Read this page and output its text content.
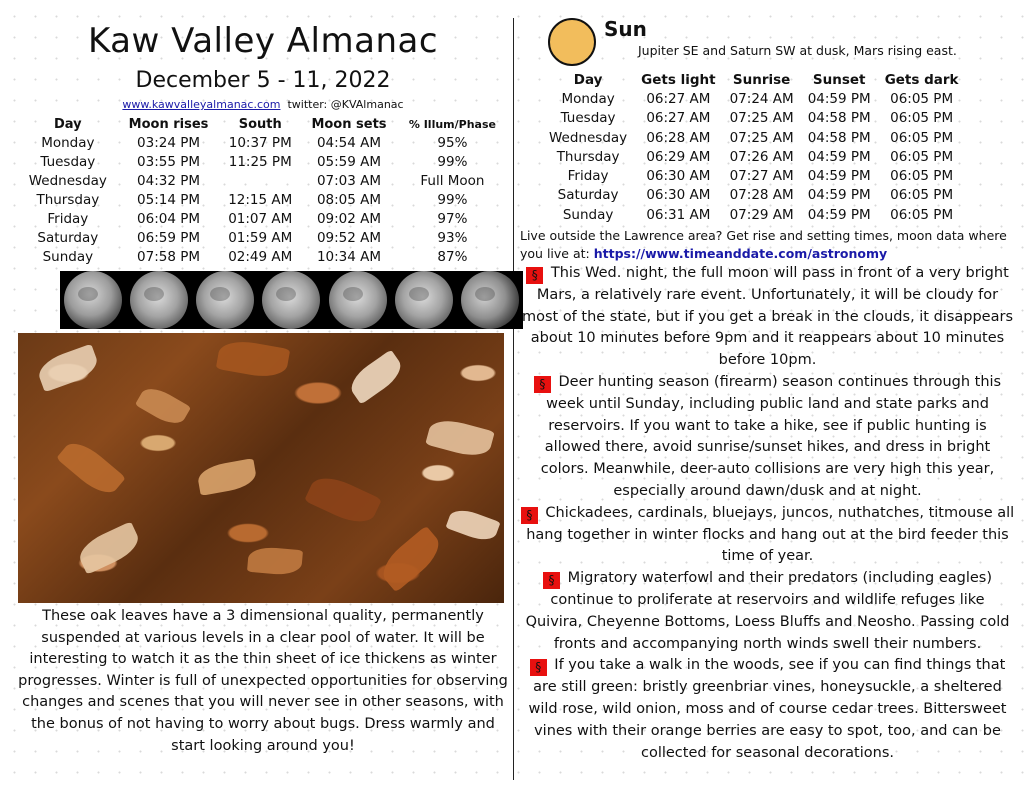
Kaw Valley Almanac
December 5 - 11, 2022
www.kawvalleyalmanac.com twitter: @KVAlmanac
Day	Moon rises	South	Moon sets	% Illum/Phase
Monday	03:24 PM	10:37 PM	04:54 AM	95%
Tuesday	03:55 PM	11:25 PM	05:59 AM	99%
Wednesday	04:32 PM		07:03 AM	Full Moon
Thursday	05:14 PM	12:15 AM	08:05 AM	99%
Friday	06:04 PM	01:07 AM	09:02 AM	97%
Saturday	06:59 PM	01:59 AM	09:52 AM	93%
Sunday	07:58 PM	02:49 AM	10:34 AM	87%
These oak leaves have a 3 dimensional quality, permanently suspended at various levels in a clear pool of water. It will be interesting to watch it as the thin sheet of ice thickens as winter progresses. Winter is full of unexpected opportunities for observing changes and scenes that you will never see in other seasons, with the bonus of not having to worry about bugs. Dress warmly and start looking around you!
Sun
Jupiter SE and Saturn SW at dusk, Mars rising east.
Day	Gets light	Sunrise	Sunset	Gets dark
Monday	06:27 AM	07:24 AM	04:59 PM	06:05 PM
Tuesday	06:27 AM	07:25 AM	04:58 PM	06:05 PM
Wednesday	06:28 AM	07:25 AM	04:58 PM	06:05 PM
Thursday	06:29 AM	07:26 AM	04:59 PM	06:05 PM
Friday	06:30 AM	07:27 AM	04:59 PM	06:05 PM
Saturday	06:30 AM	07:28 AM	04:59 PM	06:05 PM
Sunday	06:31 AM	07:29 AM	04:59 PM	06:05 PM
Live outside the Lawrence area? Get rise and setting times, moon data where you live at: https://www.timeanddate.com/astronomy
§ This Wed. night, the full moon will pass in front of a very bright Mars, a relatively rare event. Unfortunately, it will be cloudy for most of the state, but if you get a break in the clouds, it disappears about 10 minutes before 9pm and it reappears about 10 minutes before 10pm.
§ Deer hunting season (firearm) season continues through this week until Sunday, including public land and state parks and reservoirs. If you want to take a hike, see if public hunting is allowed there, avoid sunrise/sunset hikes, and dress in bright colors. Meanwhile, deer-auto collisions are very high this year, especially around dawn/dusk and at night.
§ Chickadees, cardinals, bluejays, juncos, nuthatches, titmouse all hang together in winter flocks and hang out at the bird feeder this time of year.
§ Migratory waterfowl and their predators (including eagles) continue to proliferate at reservoirs and wildlife refuges like Quivira, Cheyenne Bottoms, Loess Bluffs and Neosho. Passing cold fronts and accompanying north winds swell their numbers.
§ If you take a walk in the woods, see if you can find things that are still green: bristly greenbriar vines, honeysuckle, a sheltered wild rose, wild onion, moss and of course cedar trees. Bittersweet vines with their orange berries are easy to spot, too, and can be collected for seasonal decorations.
